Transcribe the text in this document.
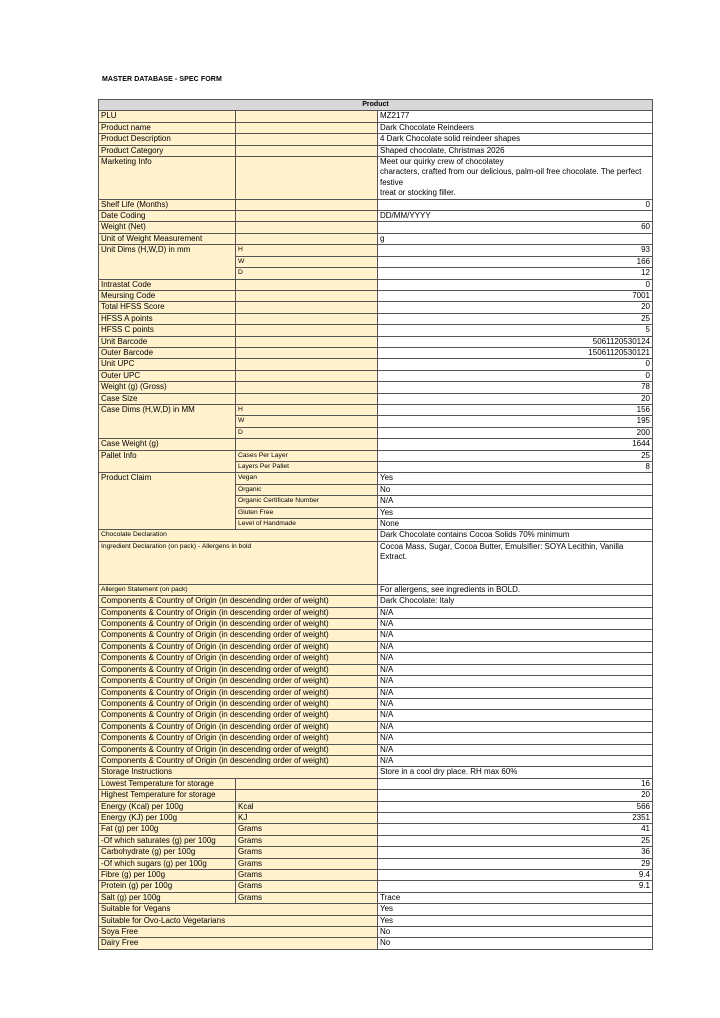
MASTER DATABASE - SPEC FORM
Product		
PLU		MZ2177
Product name		Dark Chocolate Reindeers
Product Description		4 Dark Chocolate solid reindeer shapes
Product Category		Shaped chocolate, Christmas 2026
Marketing Info		Meet our quirky crew of chocolatey
characters, crafted from our delicious, palm-oil free chocolate. The perfect festive
treat or stocking filler.

Shelf Life (Months)		0
Date Coding		DD/MM/YYYY
Weight (Net)		60
Unit of Weight Measurement		g
Unit Dims (H,W,D) in mm	H	93
	W	166
	D	12
Intrastat Code		0
Meursing Code		7001
Total HFSS Score		20
HFSS A points		25
HFSS C points		5
Unit Barcode		5061120530124
Outer Barcode		15061120530121
Unit UPC		0
Outer UPC		0
Weight (g) (Gross)		78
Case Size		20
Case Dims (H,W,D) in MM	H	156
	W	195
	D	200
Case Weight (g)		1644
Pallet Info	Cases Per Layer	25
	Layers Per Pallet	8
Product Claim	Vegan	Yes
	Organic	No
	Organic Certificate Number	N/A
	Gluten Free	Yes
	Level of Handmade	None
Chocolate Declaration		Dark Chocolate contains Cocoa Solids 70% minimum
Ingredient Declaration (on pack) - Allergens in bold		Cocoa Mass, Sugar, Cocoa Butter, Emulsifier: SOYA Lecithin, Vanilla
Extract.

Allergen Statement (on pack)		For allergens, see ingredients in BOLD.
Components & Country of Origin (in descending order of weight)		Dark Chocolate: Italy
Components & Country of Origin (in descending order of weight)		N/A
Components & Country of Origin (in descending order of weight)		N/A
Components & Country of Origin (in descending order of weight)		N/A
Components & Country of Origin (in descending order of weight)		N/A
Components & Country of Origin (in descending order of weight)		N/A
Components & Country of Origin (in descending order of weight)		N/A
Components & Country of Origin (in descending order of weight)		N/A
Components & Country of Origin (in descending order of weight)		N/A
Components & Country of Origin (in descending order of weight)		N/A
Components & Country of Origin (in descending order of weight)		N/A
Components & Country of Origin (in descending order of weight)		N/A
Components & Country of Origin (in descending order of weight)		N/A
Components & Country of Origin (in descending order of weight)		N/A
Components & Country of Origin (in descending order of weight)		N/A
Storage Instructions		Store in a cool dry place. RH max 60%
Lowest Temperature for storage		16
Highest Temperature for storage		20
Energy (Kcal) per 100g	Kcal	566
Energy (KJ) per 100g	KJ	2351
Fat (g) per 100g	Grams	41
-Of which saturates (g) per 100g	Grams	25
Carbohydrate (g) per 100g	Grams	36
-Of which sugars (g) per 100g	Grams	29
Fibre (g) per 100g	Grams	9.4
Protein (g) per 100g	Grams	9.1
Salt (g) per 100g	Grams	Trace
Suitable for Vegans		Yes
Suitable for Ovo-Lacto Vegetarians		Yes
Soya Free		No
Dairy Free		No
